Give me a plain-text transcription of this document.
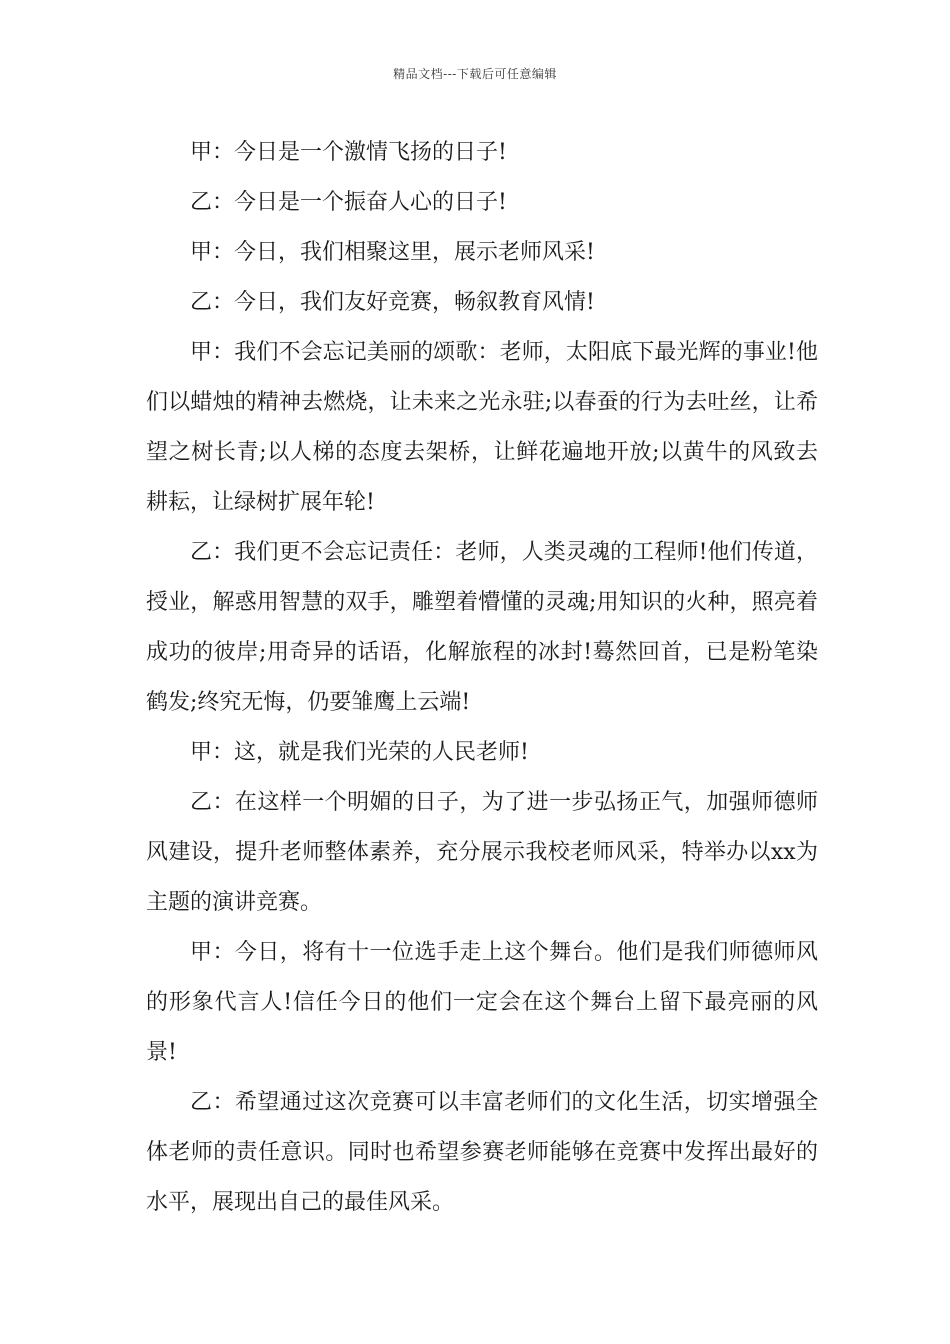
精品文档---下载后可任意编辑

甲：今日是一个激情飞扬的日子!

乙：今日是一个振奋人心的日子!

甲：今日，我们相聚这里，展示老师风采!

乙：今日，我们友好竞赛，畅叙教育风情!

甲：我们不会忘记美丽的颂歌：老师，太阳底下最光辉的事业!他们以蜡烛的精神去燃烧，让未来之光永驻;以春蚕的行为去吐丝，让希望之树长青;以人梯的态度去架桥，让鲜花遍地开放;以黄牛的风致去耕耘，让绿树扩展年轮!

乙：我们更不会忘记责任：老师，人类灵魂的工程师!他们传道，授业，解惑用智慧的双手，雕塑着懵懂的灵魂;用知识的火种，照亮着成功的彼岸;用奇异的话语，化解旅程的冰封!蓦然回首，已是粉笔染鹤发;终究无悔，仍要雏鹰上云端!

甲：这，就是我们光荣的人民老师!

乙：在这样一个明媚的日子，为了进一步弘扬正气，加强师德师风建设，提升老师整体素养，充分展示我校老师风采，特举办以xx为主题的演讲竞赛。

甲：今日，将有十一位选手走上这个舞台。他们是我们师德师风的形象代言人!信任今日的他们一定会在这个舞台上留下最亮丽的风景!

乙：希望通过这次竞赛可以丰富老师们的文化生活，切实增强全体老师的责任意识。同时也希望参赛老师能够在竞赛中发挥出最好的水平，展现出自己的最佳风采。
